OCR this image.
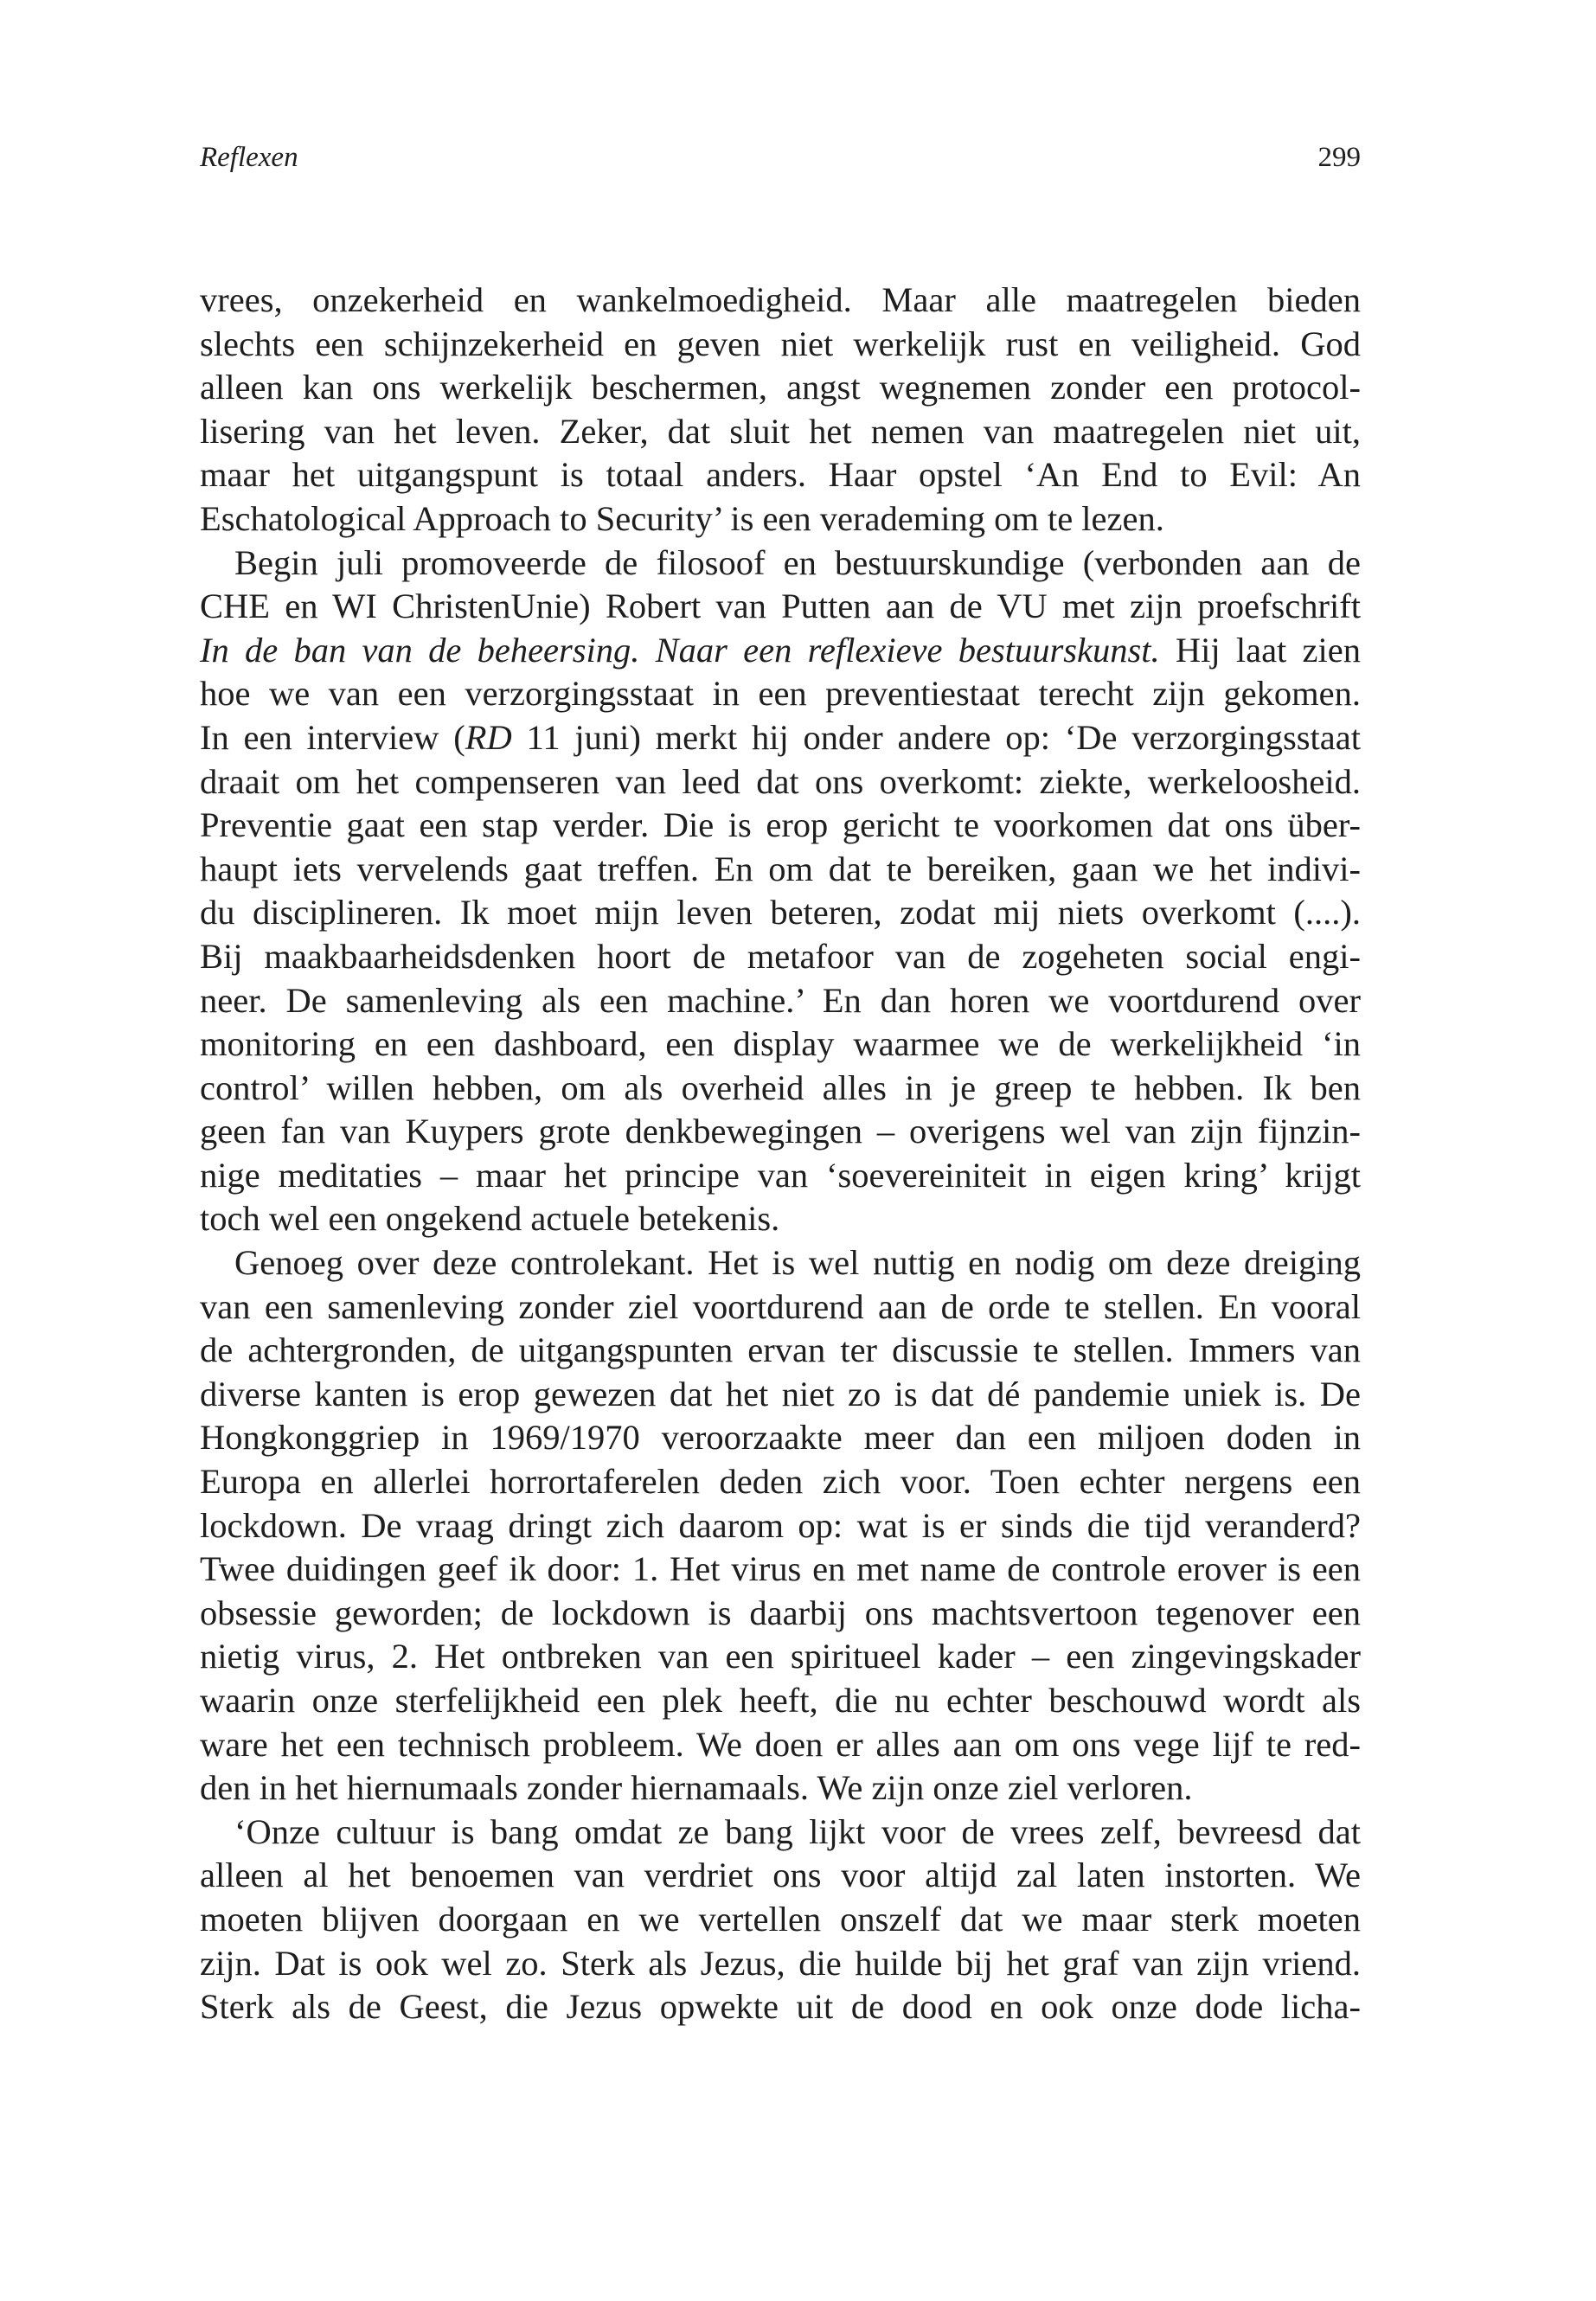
Reflexen	299
vrees, onzekerheid en wankelmoedigheid. Maar alle maatregelen bieden
slechts een schijnzekerheid en geven niet werkelijk rust en veiligheid. God
alleen kan ons werkelijk beschermen, angst wegnemen zonder een protocol-
lisering van het leven. Zeker, dat sluit het nemen van maatregelen niet uit,
maar het uitgangspunt is totaal anders. Haar opstel ‘An End to Evil: An
Eschatological Approach to Security’ is een verademing om te lezen.
Begin juli promoveerde de filosoof en bestuurskundige (verbonden aan de
CHE en WI ChristenUnie) Robert van Putten aan de VU met zijn proefschrift
In de ban van de beheersing. Naar een reflexieve bestuurskunst. Hij laat zien
hoe we van een verzorgingsstaat in een preventiestaat terecht zijn gekomen.
In een interview (RD 11 juni) merkt hij onder andere op: ‘De verzorgingsstaat
draait om het compenseren van leed dat ons overkomt: ziekte, werkeloosheid.
Preventie gaat een stap verder. Die is erop gericht te voorkomen dat ons über-
haupt iets vervelends gaat treffen. En om dat te bereiken, gaan we het indivi-
du disciplineren. Ik moet mijn leven beteren, zodat mij niets overkomt (....).
Bij maakbaarheidsdenken hoort de metafoor van de zogeheten social engi-
neer. De samenleving als een machine.’ En dan horen we voortdurend over
monitoring en een dashboard, een display waarmee we de werkelijkheid ‘in
control’ willen hebben, om als overheid alles in je greep te hebben. Ik ben
geen fan van Kuypers grote denkbewegingen – overigens wel van zijn fijnzin-
nige meditaties – maar het principe van ‘soevereiniteit in eigen kring’ krijgt
toch wel een ongekend actuele betekenis.
Genoeg over deze controlekant. Het is wel nuttig en nodig om deze dreiging
van een samenleving zonder ziel voortdurend aan de orde te stellen. En vooral
de achtergronden, de uitgangspunten ervan ter discussie te stellen. Immers van
diverse kanten is erop gewezen dat het niet zo is dat dé pandemie uniek is. De
Hongkonggriep in 1969/1970 veroorzaakte meer dan een miljoen doden in
Europa en allerlei horrortaferelen deden zich voor. Toen echter nergens een
lockdown. De vraag dringt zich daarom op: wat is er sinds die tijd veranderd?
Twee duidingen geef ik door: 1. Het virus en met name de controle erover is een
obsessie geworden; de lockdown is daarbij ons machtsvertoon tegenover een
nietig virus, 2. Het ontbreken van een spiritueel kader – een zingevingskader
waarin onze sterfelijkheid een plek heeft, die nu echter beschouwd wordt als
ware het een technisch probleem. We doen er alles aan om ons vege lijf te red-
den in het hiernumaals zonder hiernamaals. We zijn onze ziel verloren.
‘Onze cultuur is bang omdat ze bang lijkt voor de vrees zelf, bevreesd dat
alleen al het benoemen van verdriet ons voor altijd zal laten instorten. We
moeten blijven doorgaan en we vertellen onszelf dat we maar sterk moeten
zijn. Dat is ook wel zo. Sterk als Jezus, die huilde bij het graf van zijn vriend.
Sterk als de Geest, die Jezus opwekte uit de dood en ook onze dode licha-
